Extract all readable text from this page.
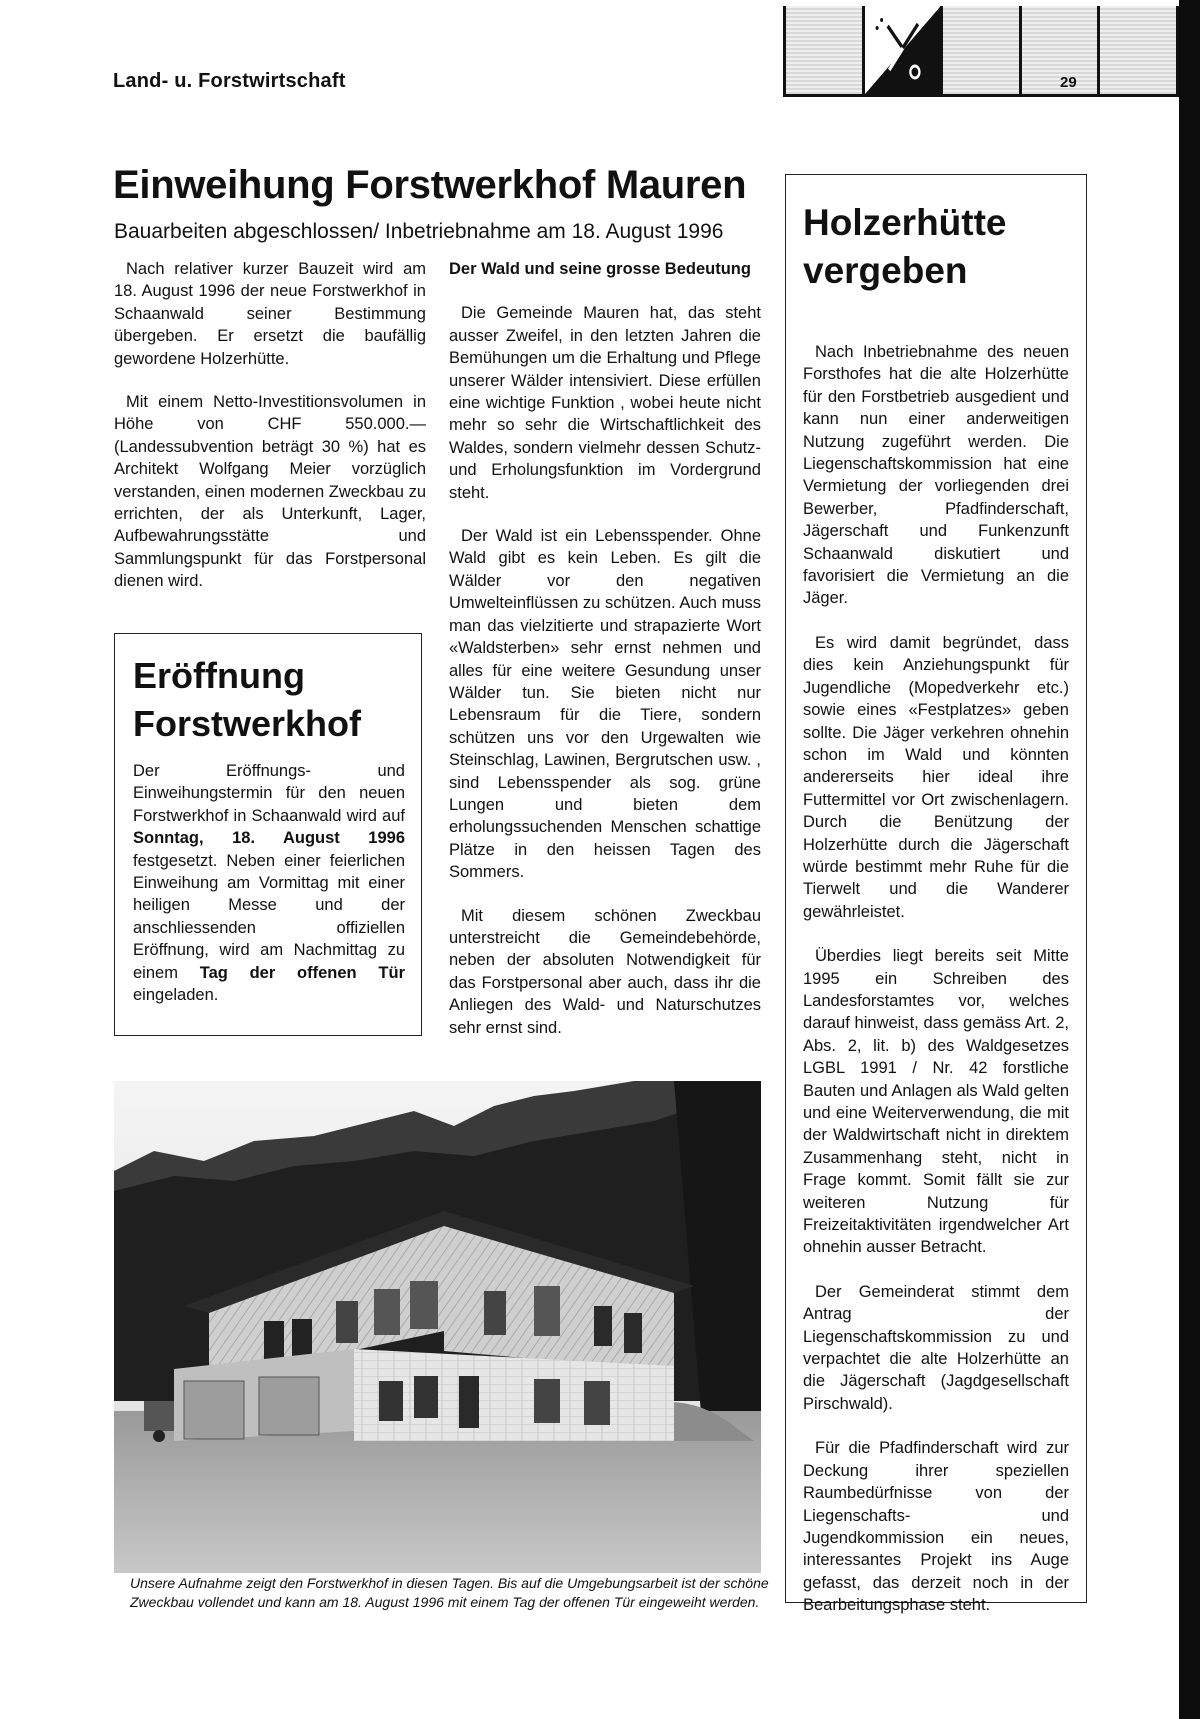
Land- u. Forstwirtschaft	29
Einweihung Forstwerkhof Mauren
Bauarbeiten abgeschlossen/ Inbetriebnahme am 18. August 1996

Nach relativer kurzer Bauzeit wird am 18. August 1996 der neue Forstwerkhof in Schaanwald seiner Bestimmung übergeben. Er ersetzt die baufällig gewordene Holzerhütte.

Mit einem Netto-Investitionsvolumen in Höhe von CHF 550.000.— (Landessubvention beträgt 30 %) hat es Architekt Wolfgang Meier vorzüglich verstanden, einen modernen Zweckbau zu errichten, der als Unterkunft, Lager, Aufbewahrungsstätte und Sammlungspunkt für das Forstpersonal dienen wird.

Der Wald und seine grosse Bedeutung

Die Gemeinde Mauren hat, das steht ausser Zweifel, in den letzten Jahren die Bemühungen um die Erhaltung und Pflege unserer Wälder intensiviert. Diese erfüllen eine wichtige Funktion , wobei heute nicht mehr so sehr die Wirtschaftlichkeit des Waldes, sondern vielmehr dessen Schutz- und Erholungsfunktion im Vordergrund steht.

Der Wald ist ein Lebensspender. Ohne Wald gibt es kein Leben. Es gilt die Wälder vor den negativen Umwelteinflüssen zu schützen. Auch muss man das vielzitierte und strapazierte Wort «Waldsterben» sehr ernst nehmen und alles für eine weitere Gesundung unser Wälder tun. Sie bieten nicht nur Lebensraum für die Tiere, sondern schützen uns vor den Urgewalten wie Steinschlag, Lawinen, Bergrutschen usw. , sind Lebensspender als sog. grüne Lungen und bieten dem erholungssuchenden Menschen schattige Plätze in den heissen Tagen des Sommers.

Mit diesem schönen Zweckbau unterstreicht die Gemeindebehörde, neben der absoluten Notwendigkeit für das Forstpersonal aber auch, dass ihr die Anliegen des Wald- und Naturschutzes sehr ernst sind.

Eröffnung
Forstwerkhof

Der Eröffnungs- und Einweihungstermin für den neuen Forstwerkhof in Schaanwald wird auf Sonntag, 18. August 1996 festgesetzt. Neben einer feierlichen Einweihung am Vormittag mit einer heiligen Messe und der anschliessenden offiziellen Eröffnung, wird am Nachmittag zu einem Tag der offenen Tür eingeladen.

Holzerhütte
vergeben

Nach Inbetriebnahme des neuen Forsthofes hat die alte Holzerhütte für den Forstbetrieb ausgedient und kann nun einer anderweitigen Nutzung zugeführt werden. Die Liegenschaftskommission hat eine Vermietung der vorliegenden drei Bewerber, Pfadfinderschaft, Jägerschaft und Funkenzunft Schaanwald diskutiert und favorisiert die Vermietung an die Jäger.

Es wird damit begründet, dass dies kein Anziehungspunkt für Jugendliche (Mopedverkehr etc.) sowie eines «Festplatzes» geben sollte. Die Jäger verkehren ohnehin schon im Wald und könnten andererseits hier ideal ihre Futtermittel vor Ort zwischenlagern. Durch die Benützung der Holzerhütte durch die Jägerschaft würde bestimmt mehr Ruhe für die Tierwelt und die Wanderer gewährleistet.

Überdies liegt bereits seit Mitte 1995 ein Schreiben des Landesforstamtes vor, welches darauf hinweist, dass gemäss Art. 2, Abs. 2, lit. b) des Waldgesetzes LGBL 1991 / Nr. 42 forstliche Bauten und Anlagen als Wald gelten und eine Weiterverwendung, die mit der Waldwirtschaft nicht in direktem Zusammenhang steht, nicht in Frage kommt. Somit fällt sie zur weiteren Nutzung für Freizeitaktivitäten irgendwelcher Art ohnehin ausser Betracht.

Der Gemeinderat stimmt dem Antrag der Liegenschaftskommission zu und verpachtet die alte Holzerhütte an die Jägerschaft (Jagdgesellschaft Pirschwald).

Für die Pfadfinderschaft wird zur Deckung ihrer speziellen Raumbedürfnisse von der Liegenschafts- und Jugendkommission ein neues, interessantes Projekt ins Auge gefasst, das derzeit noch in der Bearbeitungsphase steht.

Unsere Aufnahme zeigt den Forstwerkhof in diesen Tagen. Bis auf die Umgebungsarbeit ist der schöne Zweckbau vollendet und kann am 18. August 1996 mit einem Tag der offenen Tür eingeweiht werden.
